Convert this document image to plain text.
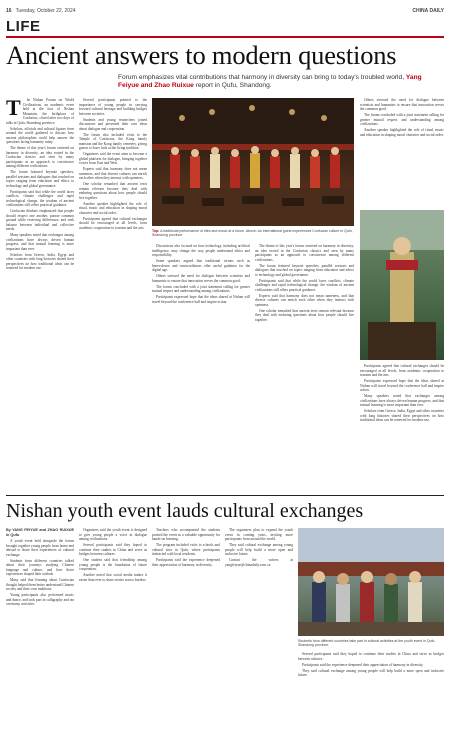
16 Tuesday, October 22, 2024	CHINA DAILY
LIFE
Ancient answers to modern questions
Forum emphasizes vital contributions that harmony in diversity can bring to today's troubled world, Yang Feiyue and Zhao Ruixue report in Qufu, Shandong.
T	he Nishan Forum on World Civilizations, an academic event held at the foot of Nishan Mountain, the birthplace of Confucius, closed after two days of talks in Qufu, Shandong province.

Scholars, officials and cultural figures from around the world gathered to discuss how ancient philosophies could help answer the questions facing humanity today.

The theme of this year's forum centered on harmony in diversity, an idea rooted in the Confucian classics and seen by many participants as an approach to coexistence among different civilizations.

The forum featured keynote speeches, parallel sessions and dialogues that touched on topics ranging from education and ethics to technology and global governance.

Participants said that while the world faces conflicts, climate challenges and rapid technological change, the wisdom of ancient civilizations still offers practical guidance.

Confucian thinkers emphasized that people should respect one another, pursue common ground while reserving differences, and seek balance between individual and collective needs.

Many speakers noted that exchanges among civilizations have always driven human progress, and that mutual learning is more important than ever.

Scholars from Greece, India, Egypt and other countries with long histories shared their perspectives on how traditional ideas can be renewed for modern use.

Several participants pointed to the importance of young people in carrying forward cultural heritage and building bridges between societies.

Students and young researchers joined discussions and presented their own ideas about dialogue and cooperation.

The forum also included visits to the Temple of Confucius, the Kong family mansion and the Kong family cemetery, giving guests a closer look at the living tradition.

Organizers said the event aims to become a global platform for dialogue, bringing together voices from East and West.

Experts said that harmony does not mean sameness, and that diverse cultures can enrich each other when they interact with openness.

One scholar remarked that ancient texts remain relevant because they deal with enduring questions about how people should live together.

Another speaker highlighted the role of ritual, music and education in shaping moral character and social order.

Participants agreed that cultural exchanges should be encouraged at all levels, from academic cooperation to tourism and the arts.

Top: A traditional performance of rites and music at a forum. Above: An international guest experiences Confucian culture in Qufu, Shandong province.

Discussions also focused on how technology, including artificial intelligence, may change the way people understand ethics and responsibility.

Some speakers argued that traditional virtues such as benevolence and trustworthiness offer useful guidance for the digital age.

Others stressed the need for dialogue between scientists and humanists to ensure that innovation serves the common good.

The forum concluded with a joint statement calling for greater mutual respect and understanding among civilizations.

Participants expressed hope that the ideas shared at Nishan will travel beyond the conference hall and inspire action.

The theme of this year's forum centered on harmony in diversity, an idea rooted in the Confucian classics and seen by many participants as an approach to coexistence among different civilizations.

The forum featured keynote speeches, parallel sessions and dialogues that touched on topics ranging from education and ethics to technology and global governance.

Participants said that while the world faces conflicts, climate challenges and rapid technological change, the wisdom of ancient civilizations still offers practical guidance.

Experts said that harmony does not mean sameness, and that diverse cultures can enrich each other when they interact with openness.

One scholar remarked that ancient texts remain relevant because they deal with enduring questions about how people should live together.

Others stressed the need for dialogue between scientists and humanists to ensure that innovation serves the common good.

The forum concluded with a joint statement calling for greater mutual respect and understanding among civilizations.

Another speaker highlighted the role of ritual, music and education in shaping moral character and social order.

Participants agreed that cultural exchanges should be encouraged at all levels, from academic cooperation to tourism and the arts.

Participants expressed hope that the ideas shared at Nishan will travel beyond the conference hall and inspire action.

Many speakers noted that exchanges among civilizations have always driven human progress, and that mutual learning is more important than ever.

Scholars from Greece, India, Egypt and other countries with long histories shared their perspectives on how traditional ideas can be renewed for modern use.

Nishan youth event lauds cultural exchanges
By YANG FEIYUE and ZHAO RUIXUE in Qufu

A youth event held alongside the forum brought together young people from home and abroad to share their experiences of cultural exchange.

Students from different countries talked about their journeys studying Chinese language and culture, and how those experiences shaped their outlook.

Many said that learning about Confucian thought helped them better understand Chinese society and their own traditions.

Young participants also performed music and dance, and took part in calligraphy and tea ceremony activities.

Organizers said the youth event is designed to give young people a voice in dialogue among civilizations.

Several participants said they hoped to continue their studies in China and serve as bridges between cultures.

One student said that friendship among young people is the foundation of future cooperation.

Another noted that social media makes it easier than ever to share stories across borders.

Teachers who accompanied the students praised the event as a valuable opportunity for hands-on learning.

The program included visits to schools and cultural sites in Qufu, where participants interacted with local residents.

Participants said the experience deepened their appreciation of harmony in diversity.

The organizers plan to expand the youth event in coming years, inviting more participants from around the world.

They said cultural exchange among young people will help build a more open and inclusive future.

Contact the writers at yangfeiyue@chinadaily.com.cn

Students from different countries take part in cultural activities at the youth event in Qufu, Shandong province.

Several participants said they hoped to continue their studies in China and serve as bridges between cultures.

Participants said the experience deepened their appreciation of harmony in diversity.

They said cultural exchange among young people will help build a more open and inclusive future.
